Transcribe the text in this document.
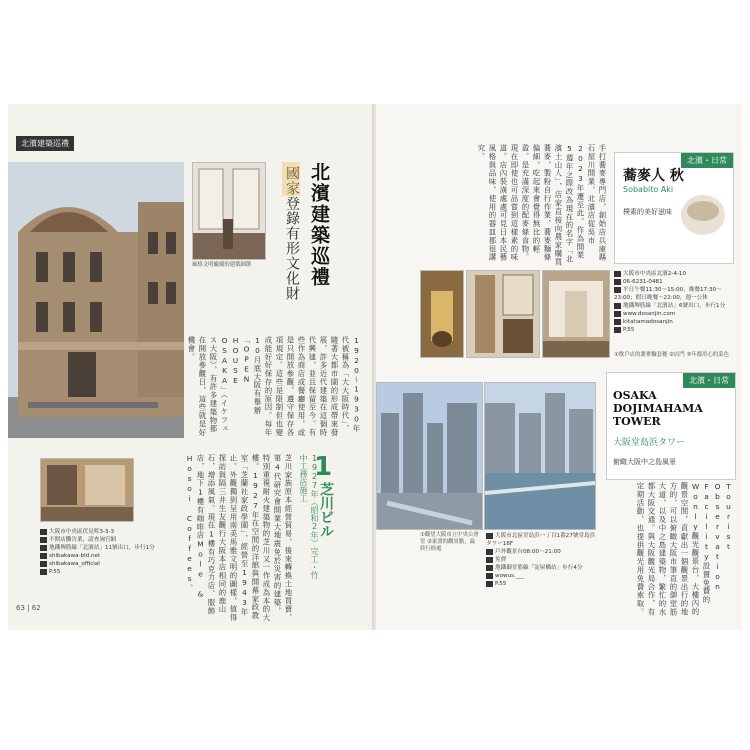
北濱建築巡禮
風格文明顯優的建築細節	北濱建築巡禮
國家登錄有形文化財
1920～1930年代被稱為「大大阪時代」，隨著大都市園的形成帶來發展，許多近代建築在這個時代興建，並且保留至今。有些作為商店或餐廳使用，或是只開放參觀，遵守保存各項規定。這些是限制但也變成能好好保存的原因。每年10月底大阪有舉辦「OPEN HOUSE OSAKA」（イケフェス大阪），有許多建築物都在開放參觀日，這些就是好機會。
1
芝川ビル
1927年（昭和2年）完工・竹中工務店施工
芝川家族原本經營貿易，後來轉換土地買賣，第4代研究會開業大地震免於災害的建築，特別重視耐火建築物的芝川又一作成為本的大樓。1927年在空間的洋館與開幕家政教室「芝蘭社家政學園」，經營至1943年止。外觀獨到呈用南美馬雅文明的圖樣，值得探訪與隔三井生友觀行大阪本店相同的鹿山石，增添風氣。現在1樓有巧克力店、服飾店，地下1樓有咖啡店Mole & Hosoi Coffees。
大阪市中央區伏見町3-3-3
不開店攤告業，請查詢官網
地鐵堺筋線「北濱站」11號出口，步行1分
shibakawa-bld.net
shibakawa_official
P.55
63 | 62
手打蕎麥專門店，創始店兵庫縣石屋川開業，北濱店從吳市2023年遷至此，作為開業5週年之際改為現在的名字「北濱土山人」，店家直接向農家購買蕎麥，製粉自行作業，蕎麥麵條偏細，吃起來會覺得無比的輕盈。是充滿深度的配麥條食物。現在即使也可品嘗到這樣素的味道。店內裝潢處處可見日本民藝風格與品味，使用的器皿都很講究。	北濱・日常
蕎麥人 秋
Sobabito Aki
樸素的美好滋味
大阪市中央區北濱2-4-10
06-6231-0481
平日午餐11:30～15:00，晚餐17:30～23:00；假日晚餐～22:00，週一公休
地鐵堺筋線「北濱站」6號出口，步行1分
www.dosanjin.com
kitahamadosanjin
P.55
①飲戶店的蕎麥麵套餐 ②店門 ③年都用心的菜色
北濱・日常
OSAKA DOJIMAHAMA TOWER
大阪堂島浜タワー
俯瞰大阪中之島風景
Tourist Observation Facility設置免費的Wonly觀光觀景台，大樓內的觀景空間，貢獻出一個觀景出行的地方的，可以俯瞰大阪市筆直的御堂筋大道，以及中之島建築物，繁忙的水都大阪交通。與大阪觀光局合作，有定期活動，也提供觀光用免費索取。
①觀望大阪市立中央公會堂 ②東畫的觀景點，最終行經處
大阪市北區堂島浜一丁目1番27號堂島浜タワー16F
戶外觀景台08:00～21:00
免費
地鐵御堂筋線「淀屋橋站」步行4分
wowus.___
P.55
